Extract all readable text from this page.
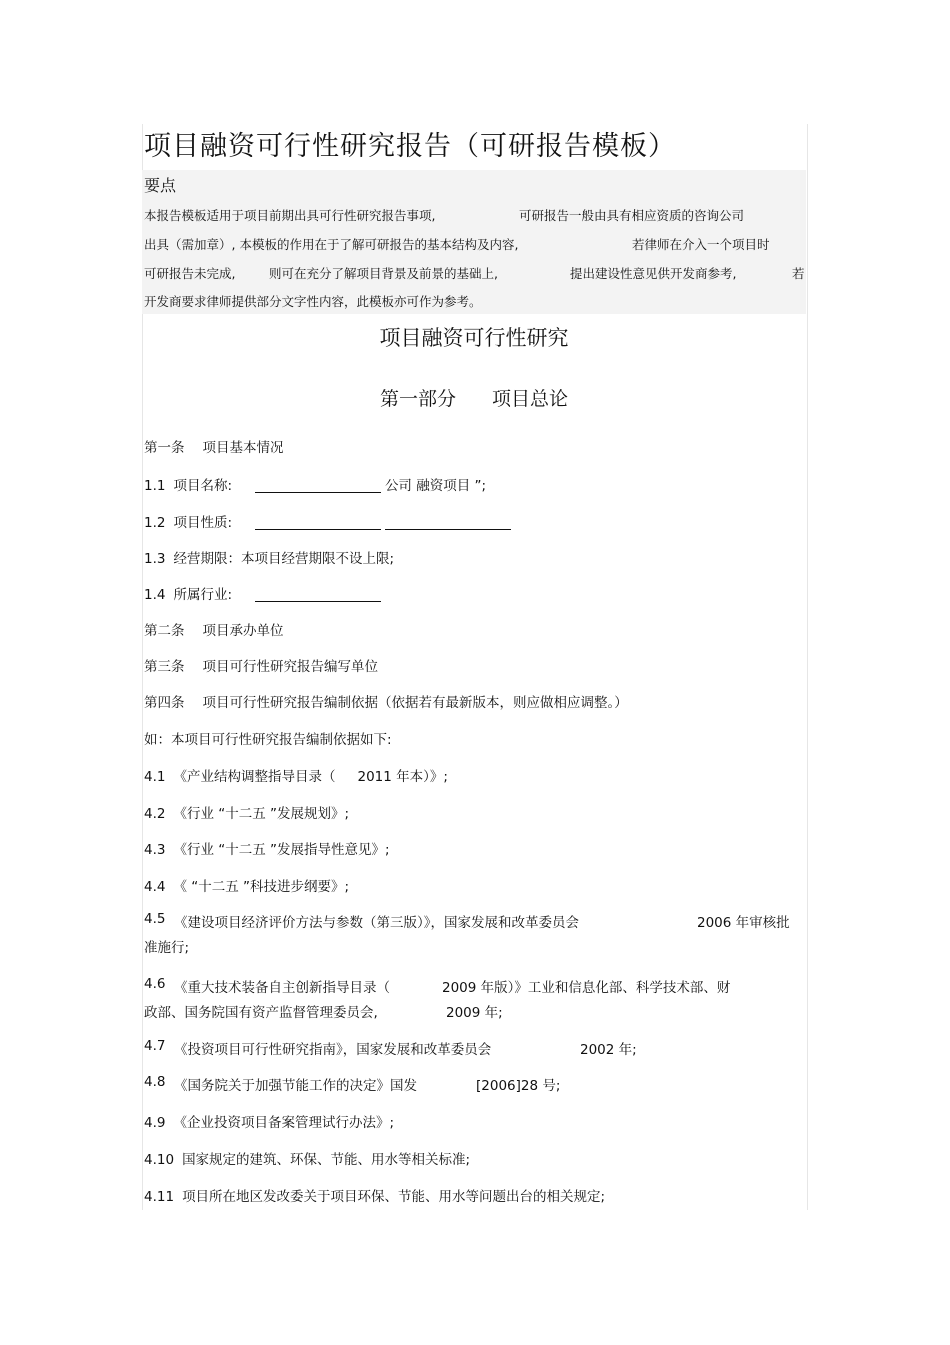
项目融资可行性研究报告（可研报告模板）
要点
本报告模板适用于项目前期出具可行性研究报告事项,	可研报告一般由具有相应资质的咨询公司
出具（需加章）, 本模板的作用在于了解可研报告的基本结构及内容,	若律师在介入一个项目时
可研报告未完成,	则可在充分了解项目背景及前景的基础上,	提出建设性意见供开发商参考,	若
开发商要求律师提供部分文字性内容，此模板亦可作为参考。
项目融资可行性研究
第一部分 项目总论
第一条 项目基本情况
1.1 项目名称:	公司 融资项目 ”;
1.2 项目性质:
1.3 经营期限：本项目经营期限不设上限;
1.4 所属行业:
第二条 项目承办单位
第三条 项目可行性研究报告编写单位
第四条 项目可行性研究报告编制依据（依据若有最新版本，则应做相应调整。）
如：本项目可行性研究报告编制依据如下:
4.1 《产业结构调整指导目录（ 2011 年本）》;
4.2 《行业 “十二五 ”发展规划》;
4.3 《行业 “十二五 ”发展指导性意见》;
4.4 《 “十二五 ”科技进步纲要》;
4.5 《建设项目经济评价方法与参数（第三版）》，国家发展和改革委员会	2006 年审核批
准施行;
4.6 《重大技术装备自主创新指导目录（	2009 年版）》工业和信息化部、科学技术部、财
政部、国务院国有资产监督管理委员会,	2009 年;
4.7 《投资项目可行性研究指南》，国家发展和改革委员会	2002 年;
4.8 《国务院关于加强节能工作的决定》国发	[2006]28 号;
4.9 《企业投资项目备案管理试行办法》;
4.10 国家规定的建筑、环保、节能、用水等相关标准;
4.11 项目所在地区发改委关于项目环保、节能、用水等问题出台的相关规定;
